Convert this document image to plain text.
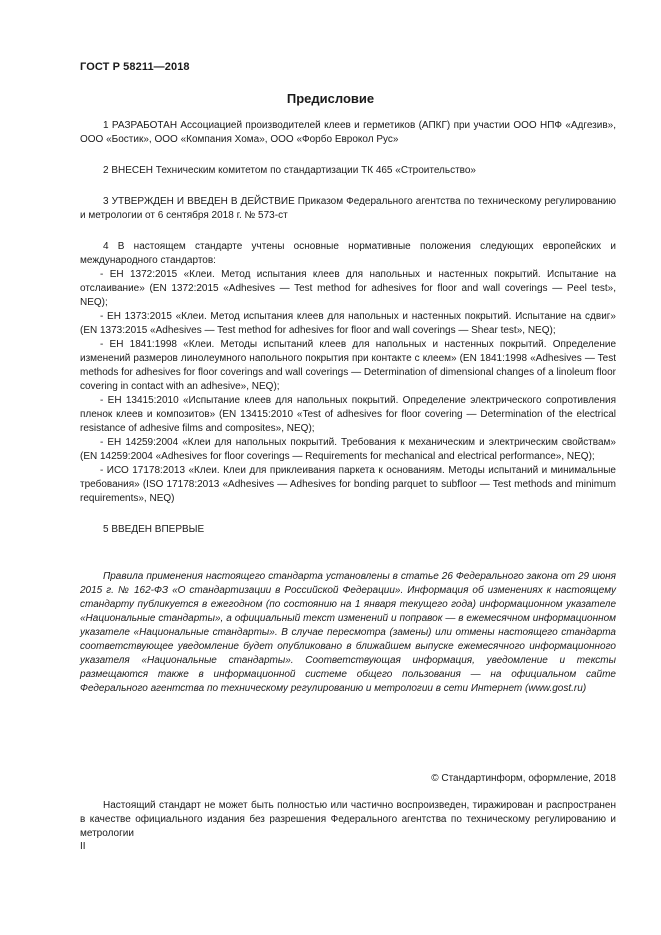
ГОСТ Р 58211—2018
Предисловие

1 РАЗРАБОТАН Ассоциацией производителей клеев и герметиков (АПКГ) при участии ООО НПФ «Адгезив», ООО «Бостик», ООО «Компания Хома», ООО «Форбо Еврокол Рус»

2 ВНЕСЕН Техническим комитетом по стандартизации ТК 465 «Строительство»

3 УТВЕРЖДЕН И ВВЕДЕН В ДЕЙСТВИЕ Приказом Федерального агентства по техническому регулированию и метрологии от 6 сентября 2018 г. № 573-ст

4 В настоящем стандарте учтены основные нормативные положения следующих европейских и международного стандартов:

- ЕН 1372:2015 «Клеи. Метод испытания клеев для напольных и настенных покрытий. Испытание на отслаивание» (EN 1372:2015 «Adhesives — Test method for adhesives for floor and wall coverings — Peel test», NEQ);

- ЕН 1373:2015 «Клеи. Метод испытания клеев для напольных и настенных покрытий. Испытание на сдвиг» (EN 1373:2015 «Adhesives — Test method for adhesives for floor and wall coverings — Shear test», NEQ);

- ЕН 1841:1998 «Клеи. Методы испытаний клеев для напольных и настенных покрытий. Определение изменений размеров линолеумного напольного покрытия при контакте с клеем» (EN 1841:1998 «Adhesives — Test methods for adhesives for floor coverings and wall coverings — Determination of dimensional changes of a linoleum floor covering in contact with an adhesive», NEQ);

- ЕН 13415:2010 «Испытание клеев для напольных покрытий. Определение электрического сопротивления пленок клеев и композитов» (EN 13415:2010 «Test of adhesives for floor covering — Determination of the electrical resistance of adhesive films and composites», NEQ);

- ЕН 14259:2004 «Клеи для напольных покрытий. Требования к механическим и электрическим свойствам» (EN 14259:2004 «Adhesives for floor coverings — Requirements for mechanical and electrical performance», NEQ);

- ИСО 17178:2013 «Клеи. Клеи для приклеивания паркета к основаниям. Методы испытаний и минимальные требования» (ISO 17178:2013 «Adhesives — Adhesives for bonding parquet to subfloor — Test methods and minimum requirements», NEQ)

5 ВВЕДЕН ВПЕРВЫЕ

Правила применения настоящего стандарта установлены в статье 26 Федерального закона от 29 июня 2015 г. № 162-ФЗ «О стандартизации в Российской Федерации». Информация об изменениях к настоящему стандарту публикуется в ежегодном (по состоянию на 1 января текущего года) информационном указателе «Национальные стандарты», а официальный текст изменений и поправок — в ежемесячном информационном указателе «Национальные стандарты». В случае пересмотра (замены) или отмены настоящего стандарта соответствующее уведомление будет опубликовано в ближайшем выпуске ежемесячного информационного указателя «Национальные стандарты». Соответствующая информация, уведомление и тексты размещаются также в информационной системе общего пользования — на официальном сайте Федерального агентства по техническому регулированию и метрологии в сети Интернет (www.gost.ru)

© Стандартинформ, оформление, 2018

Настоящий стандарт не может быть полностью или частично воспроизведен, тиражирован и распространен в качестве официального издания без разрешения Федерального агентства по техническому регулированию и метрологии

II
